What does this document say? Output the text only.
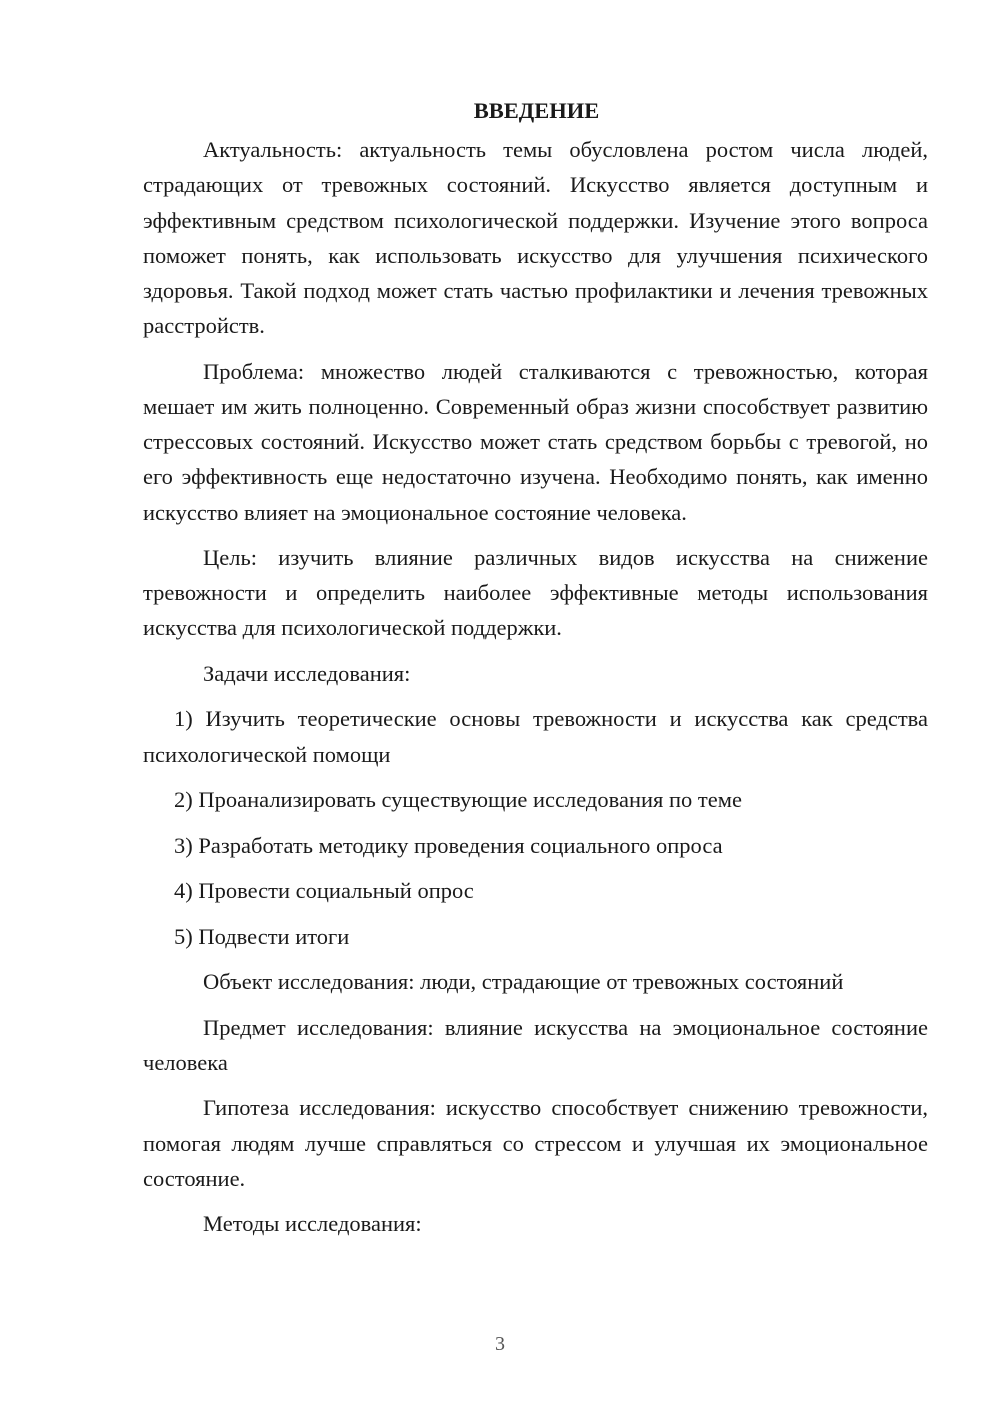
ВВЕДЕНИЕ

Актуальность: актуальность темы обусловлена ростом числа людей, страдающих от тревожных состояний. Искусство является доступным и эффективным средством психологической поддержки. Изучение этого вопроса поможет понять, как использовать искусство для улучшения психического здоровья. Такой подход может стать частью профилактики и лечения тревожных расстройств.

Проблема: множество людей сталкиваются с тревожностью, которая мешает им жить полноценно. Современный образ жизни способствует развитию стрессовых состояний. Искусство может стать средством борьбы с тревогой, но его эффективность еще недостаточно изучена. Необходимо понять, как именно искусство влияет на эмоциональное состояние человека.

Цель: изучить влияние различных видов искусства на снижение тревожности и определить наиболее эффективные методы использования искусства для психологической поддержки.

Задачи исследования:

1) Изучить теоретические основы тревожности и искусства как средства психологической помощи

2) Проанализировать существующие исследования по теме

3) Разработать методику проведения социального опроса

4) Провести социальный опрос

5) Подвести итоги

Объект исследования: люди, страдающие от тревожных состояний

Предмет исследования: влияние искусства на эмоциональное состояние человека

Гипотеза исследования: искусство способствует снижению тревожности, помогая людям лучше справляться со стрессом и улучшая их эмоциональное состояние.

Методы исследования:

3
